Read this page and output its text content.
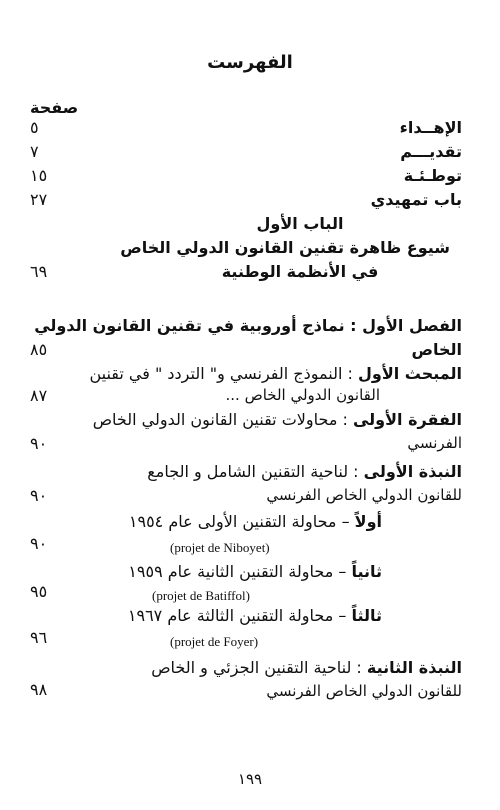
الفهرست
صفحة
الإهــداء
٥
تقديـــم
٧
توطـئـة
١٥
باب تمهيدي
٢٧
الباب الأول
شيوع ظاهرة تقنين القانون الدولي الخاص
في الأنظمة الوطنية
٦٩
الفصل الأول : نماذج أوروبية في تقنين القانون الدولي
الخاص
٨٥
المبحث الأول : النموذج الفرنسي و" التردد " في تقنين
القانون الدولي الخاص ...
٨٧
الفقرة الأولى : محاولات تقنين القانون الدولي الخاص
الفرنسي
٩٠
النبذة الأولى : لناحية التقنين الشامل و الجامع
للقانون الدولي الخاص الفرنسي
٩٠
أولاً – محاولة التقنين الأولى عام ١٩٥٤
(projet de Niboyet)
٩٠
ثانياً – محاولة التقنين الثانية عام ١٩٥٩
(projet de Batiffol)
٩٥
ثالثاً – محاولة التقنين الثالثة عام ١٩٦٧
(projet de Foyer)
٩٦
النبذة الثانية : لناحية التقنين الجزئي و الخاص
للقانون الدولي الخاص الفرنسي
٩٨
١٩٩
